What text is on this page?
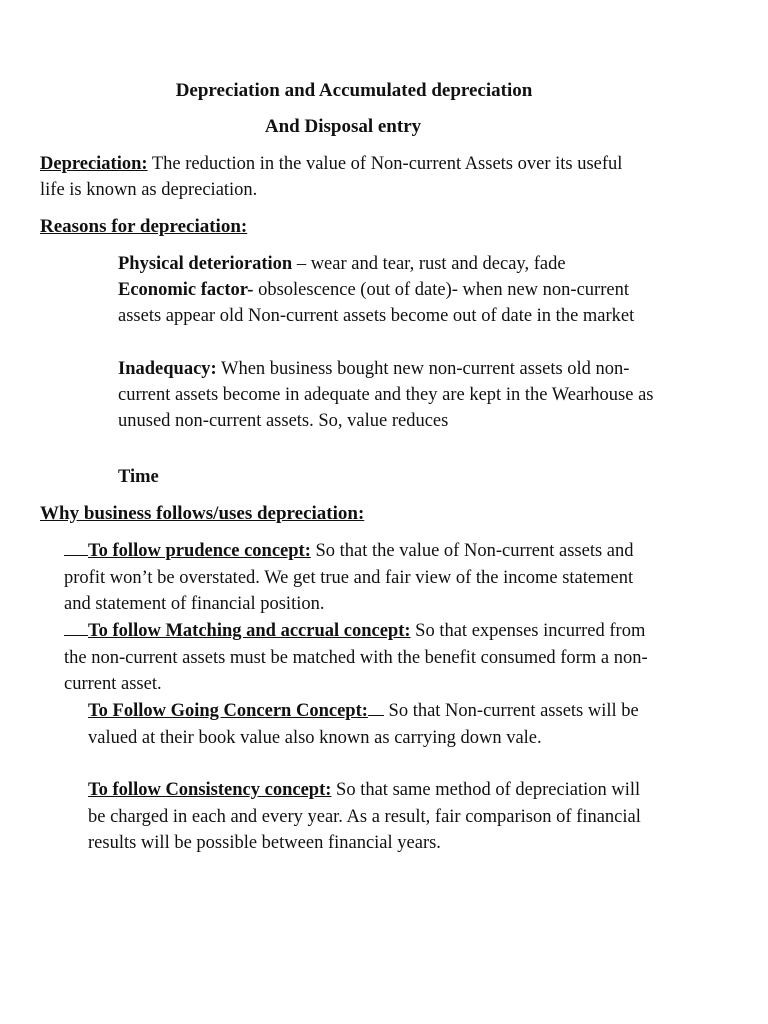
Depreciation and Accumulated depreciation
And Disposal entry
Depreciation: The reduction in the value of Non-current Assets over its useful life is known as depreciation.
Reasons for depreciation:
Physical deterioration – wear and tear, rust and decay, fade
Economic factor- obsolescence (out of date)- when new non-current assets appear old Non-current assets become out of date in the market
Inadequacy: When business bought new non-current assets old non-current assets become in adequate and they are kept in the Wearhouse as unused non-current assets. So, value reduces
Time
Why business follows/uses depreciation:
To follow prudence concept: So that the value of Non-current assets and profit won’t be overstated. We get true and fair view of the income statement and statement of financial position.
To follow Matching and accrual concept: So that expenses incurred from the non-current assets must be matched with the benefit consumed form a non-current asset.
To Follow Going Concern Concept: So that Non-current assets will be valued at their book value also known as carrying down vale.
To follow Consistency concept: So that same method of depreciation will be charged in each and every year. As a result, fair comparison of financial results will be possible between financial years.
